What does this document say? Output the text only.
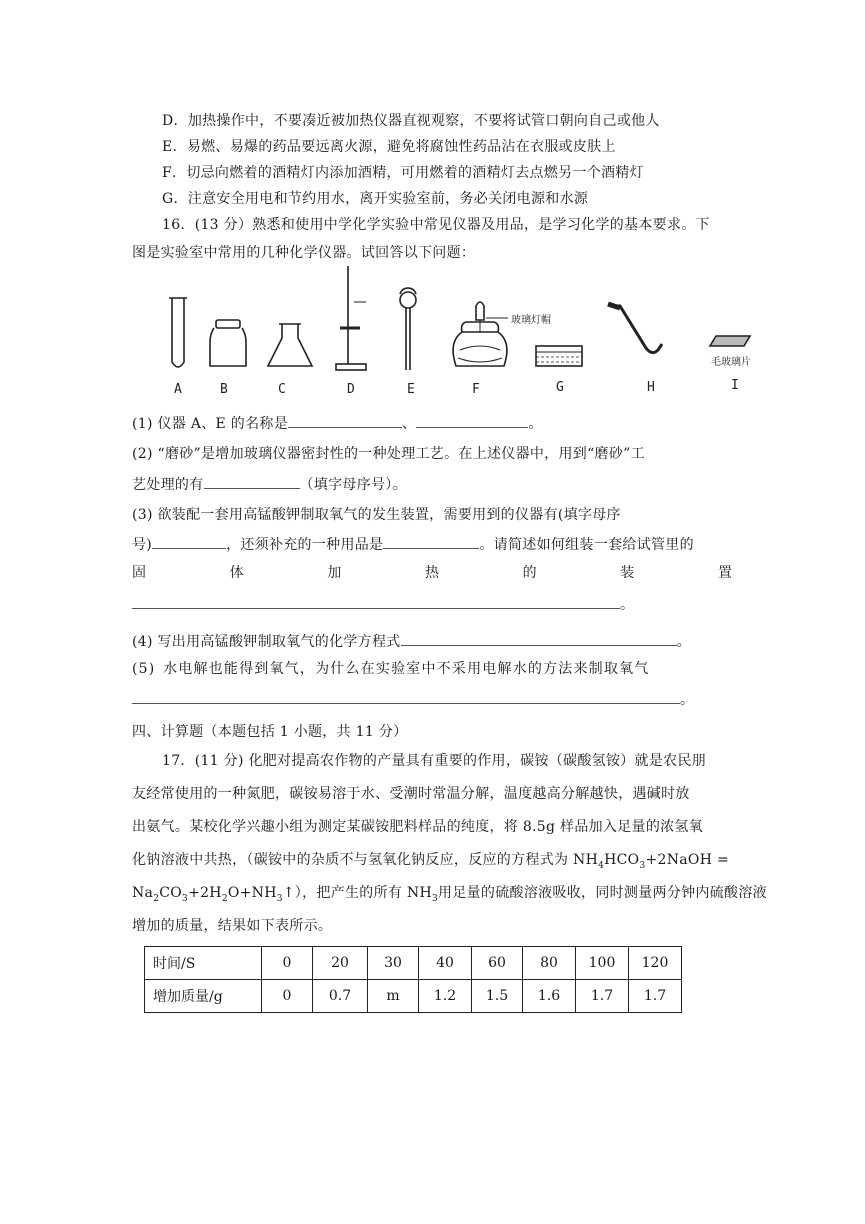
D．加热操作中，不要凑近被加热仪器直视观察，不要将试管口朝向自己或他人
E．易燃、易爆的药品要远离火源，避免将腐蚀性药品沾在衣服或皮肤上
F．切忌向燃着的酒精灯内添加酒精，可用燃着的酒精灯去点燃另一个酒精灯
G．注意安全用电和节约用水，离开实验室前，务必关闭电源和水源
16．(13 分）熟悉和使用中学化学实验中常见仪器及用品，是学习化学的基本要求。下
图是实验室中常用的几种化学仪器。试回答以下问题：
玻璃灯帽
毛玻璃片
A	B	C	D	E	F	G	H	I
(1) 仪器 A、E 的名称是	、	。
(2) “磨砂”是增加玻璃仪器密封性的一种处理工艺。在上述仪器中，用到“磨砂”工
艺处理的有	（填字母序号）。
(3) 欲装配一套用高锰酸钾制取氧气的发生装置，需要用到的仪器有(填字母序
号)	，还须补充的一种用品是	。请简述如何组装一套给试管里的
固	体	加	热	的	装	置
。
(4) 写出用高锰酸钾制取氧气的化学方程式	。
(5) 水电解也能得到氧气，为什么在实验室中不采用电解水的方法来制取氧气
。
四、计算题（本题包括 1 小题，共 11 分）
17．(11 分) 化肥对提高农作物的产量具有重要的作用，碳铵（碳酸氢铵）就是农民朋
友经常使用的一种氮肥，碳铵易溶于水、受潮时常温分解，温度越高分解越快，遇碱时放
出氨气。某校化学兴趣小组为测定某碳铵肥料样品的纯度，将 8.5g 样品加入足量的浓氢氧
化钠溶液中共热，（碳铵中的杂质不与氢氧化钠反应，反应的方程式为 $NH_4HCO_3+2NaOH$ =
$Na_2CO_3+2H_2O+NH_3↑$），把产生的所有 $NH_3$用足量的硫酸溶液吸收，同时测量两分钟内硫酸溶液
增加的质量，结果如下表所示。
时间/S	0	20	30	40	60	80	100	120
增加质量/g	0	0.7	m	1.2	1.5	1.6	1.7	1.7
